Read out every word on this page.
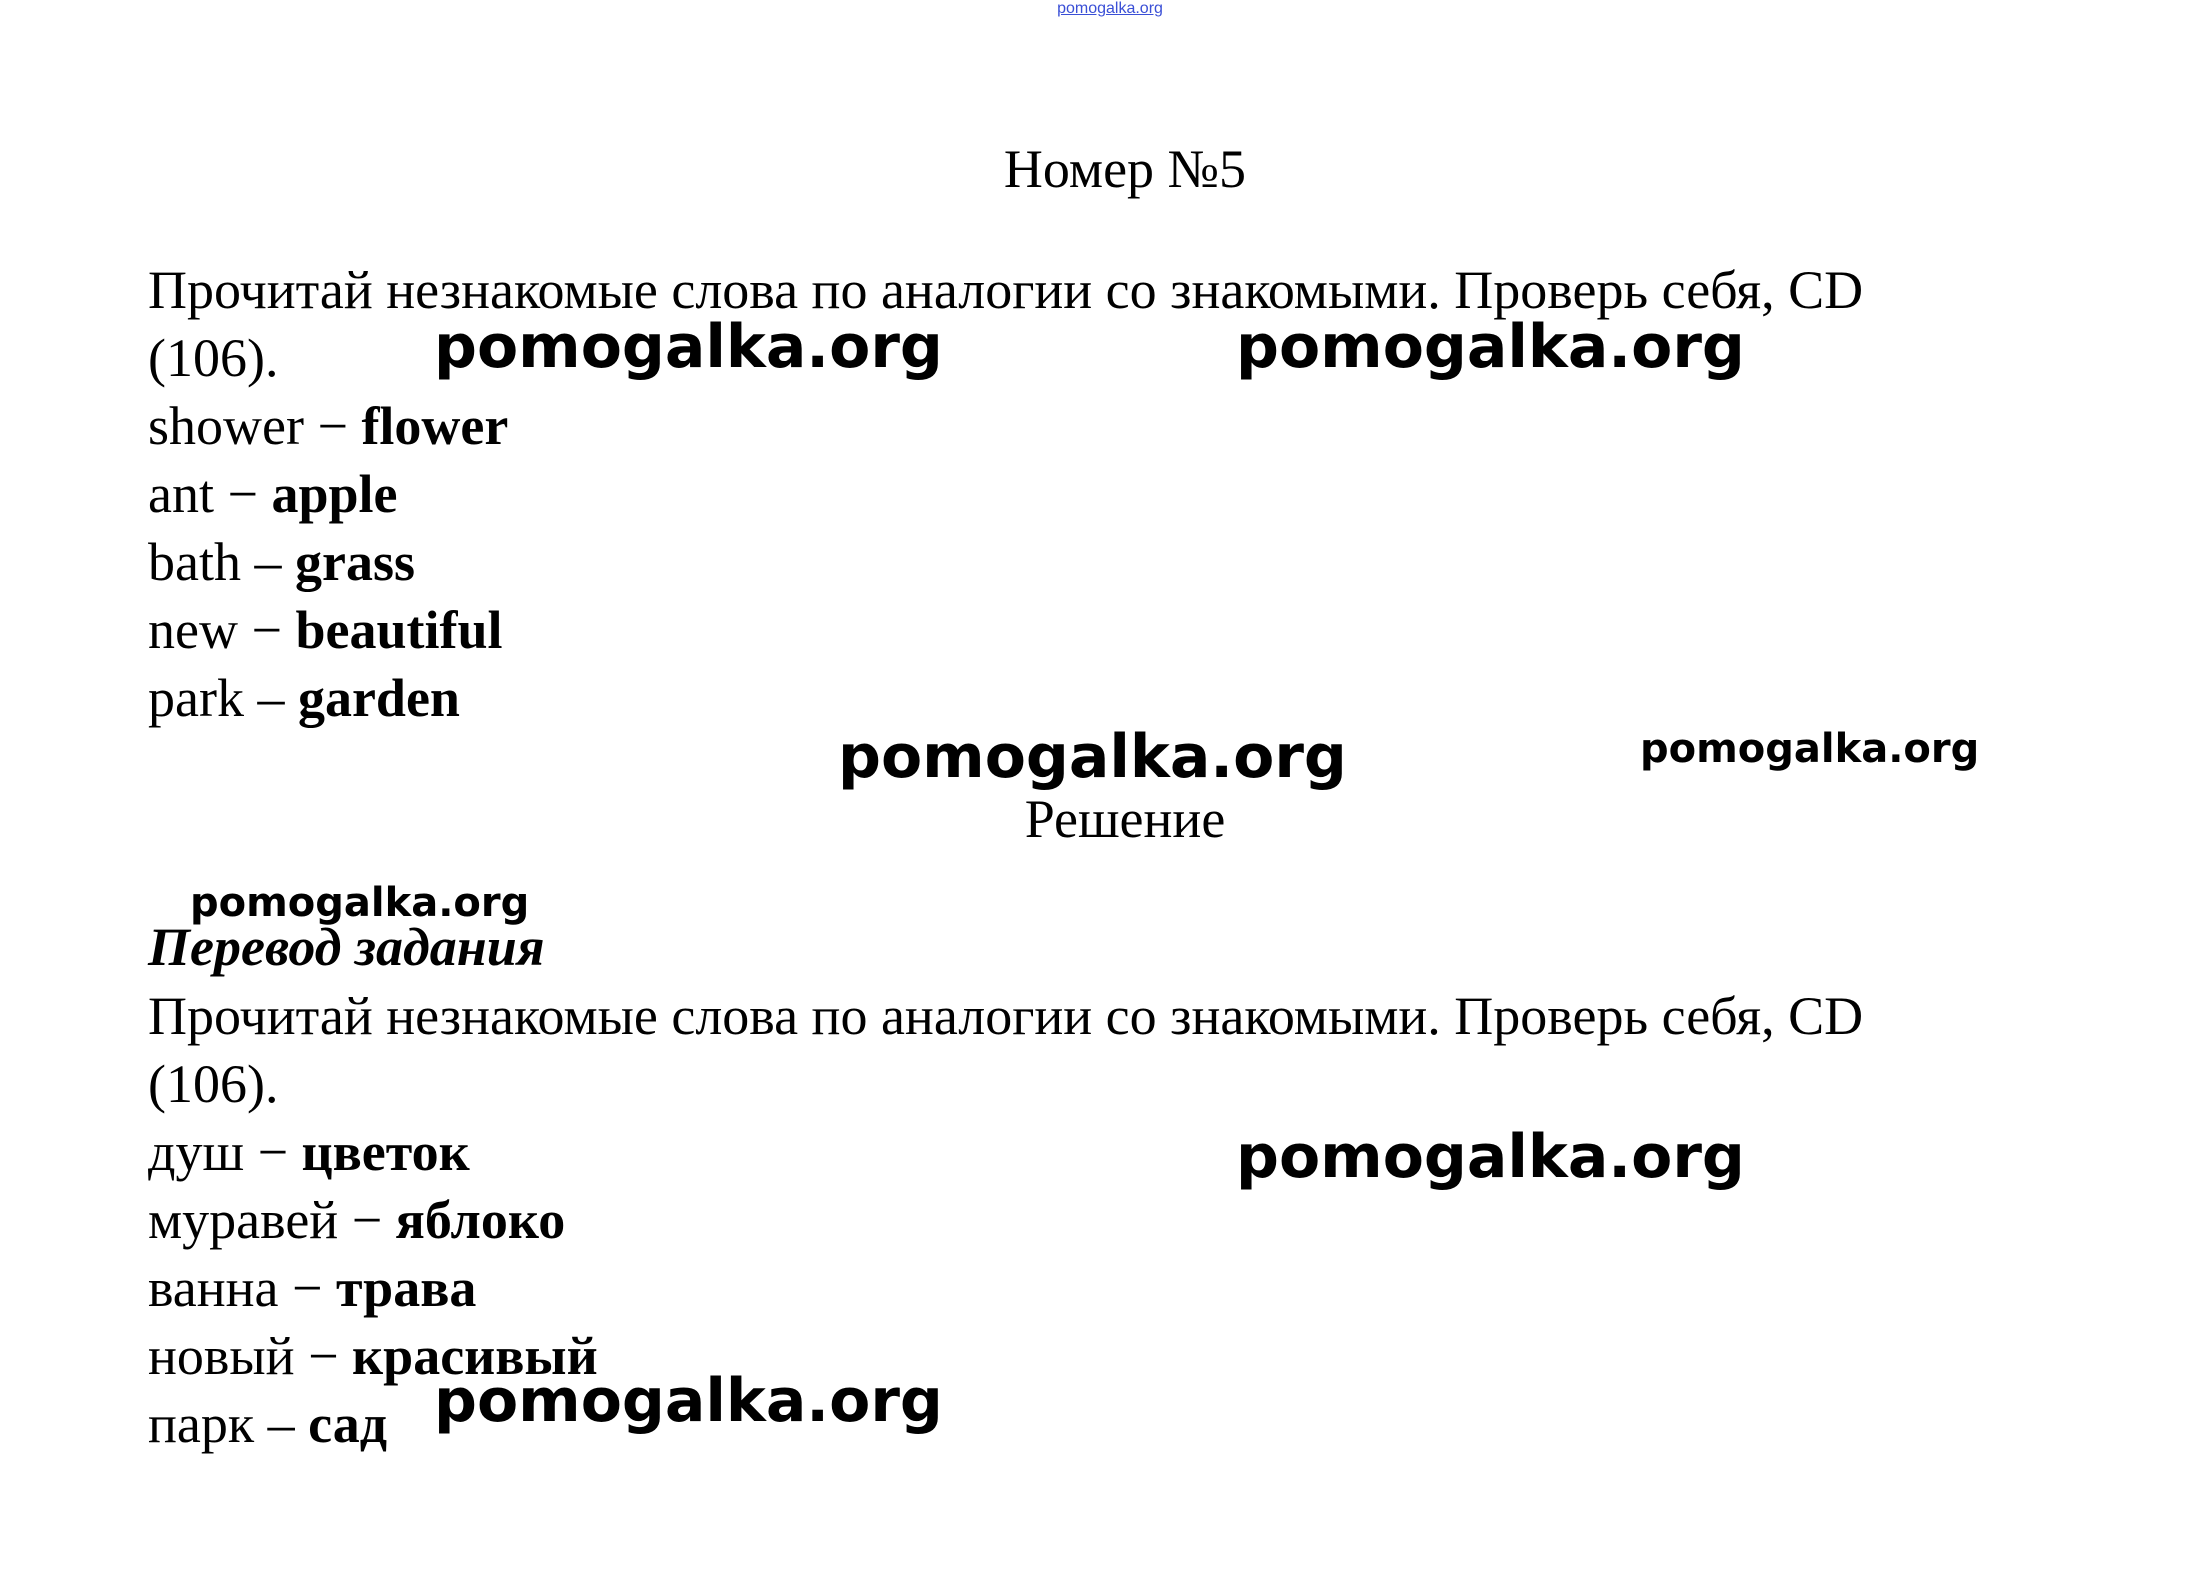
pomogalka.org
Номер №5
Прочитай незнакомые слова по аналогии со знакомыми. Проверь себя, CD
(106).
shower − flower
ant − apple
bath – grass
new − beautiful
park – garden
Решение
Перевод задания
Прочитай незнакомые слова по аналогии со знакомыми. Проверь себя, CD
(106).
душ − цветок
муравей − яблоко
ванна − трава
новый − красивый
парк – сад
pomogalka.org	pomogalka.org
pomogalka.org	pomogalka.org
pomogalka.org
pomogalka.org
pomogalka.org
